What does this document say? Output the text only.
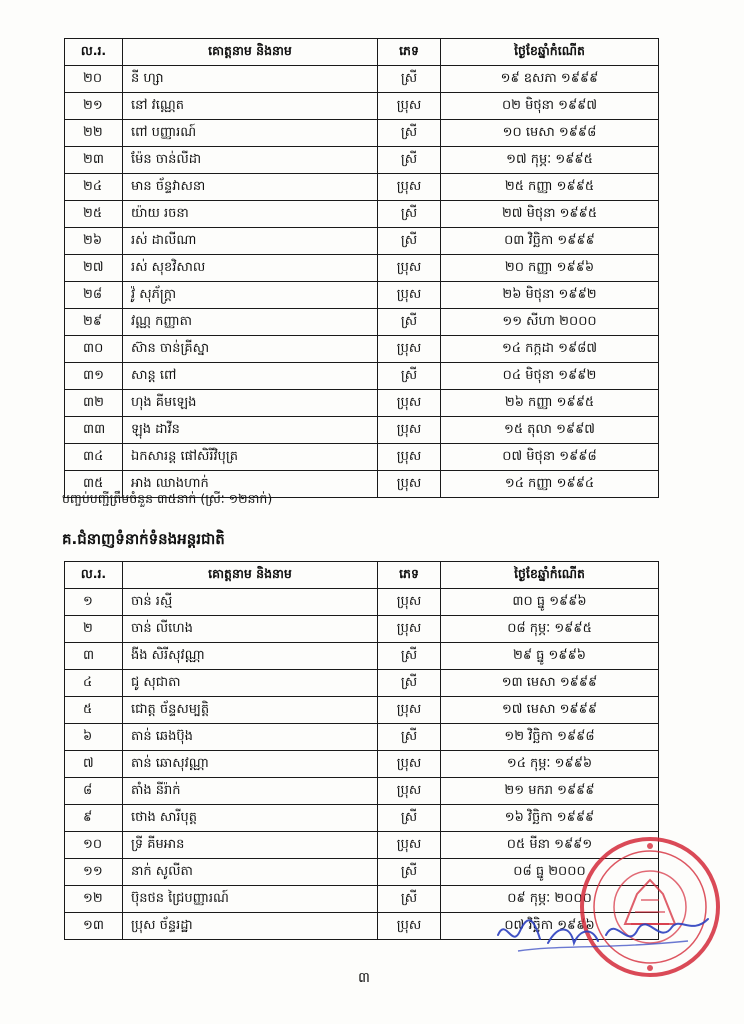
ល.រ.	គោត្តនាម និងនាម	ភេទ	ថ្ងៃខែឆ្នាំកំណើត
២០	នី ហ្សា	ស្រី	១៩ ឧសភា ១៩៩៩
២១	នៅ វណ្ណេត	ប្រុស	០២ មិថុនា ១៩៩៧
២២	ពៅ បញ្ញារណ៍	ស្រី	១០ មេសា ១៩៩៨
២៣	ម៉ែន ចាន់លីដា	ស្រី	១៧ កុម្ភៈ ១៩៩៥
២៤	មាន ច័ន្ទវាសនា	ប្រុស	២៥ កញ្ញា ១៩៩៥
២៥	យ៉ាយ រចនា	ស្រី	២៧ មិថុនា ១៩៩៥
២៦	រស់ ដាលីណា	ស្រី	០៣ វិច្ឆិកា ១៩៩៩
២៧	រស់ សុខវិសាល	ប្រុស	២០ កញ្ញា ១៩៩៦
២៨	វ៉ូ សុភ័ក្រ្តា	ប្រុស	២៦ មិថុនា ១៩៩២
២៩	វណ្ណ កញ្ញាតា	ស្រី	១១ សីហា ២០០០
៣០	ស៊ាន ចាន់គ្រីស្នា	ប្រុស	១៤ កក្កដា ១៩៨៧
៣១	សាន្ត ពៅ	ស្រី	០៤ មិថុនា ១៩៩២
៣២	ហុង គីមឡេង	ប្រុស	២៦ កញ្ញា ១៩៩៥
៣៣	ឡុង ដាវីន	ប្រុស	១៥ តុលា ១៩៩៧
៣៤	ឯកសារន្ត ផៅសិរីវិបុត្រ	ប្រុស	០៧ មិថុនា ១៩៩៨
៣៥	អាង ឈាងហាក់	ប្រុស	១៤ កញ្ញា ១៩៩៤
បញ្ចប់បញ្ជីត្រឹមចំនួន ៣៥នាក់ (ស្រីៈ ១២នាក់)
គ.ជំនាញទំនាក់ទំនងអន្តរជាតិ
ល.រ.	គោត្តនាម និងនាម	ភេទ	ថ្ងៃខែឆ្នាំកំណើត
១	ចាន់ រស្មី	ប្រុស	៣០ ធ្នូ ១៩៩៦
២	ចាន់ លីហេង	ប្រុស	០៨ កុម្ភៈ ១៩៩៥
៣	ងីង សិរីសុវណ្ណា	ស្រី	២៩ ធ្នូ ១៩៩៦
៤	ជូ សុជាតា	ស្រី	១៣ មេសា ១៩៩៩
៥	ជោត្ត ច័ន្ទសម្បត្តិ	ប្រុស	១៧ មេសា ១៩៩៩
៦	តាន់ ឆេងប៊ុង	ស្រី	១២ វិច្ឆិកា ១៩៩៨
៧	តាន់ ឆោសុវណ្ណា	ប្រុស	១៤ កុម្ភៈ ១៩៩៦
៨	តាំង នីរ៉ាក់	ប្រុស	២១ មករា ១៩៩៩
៩	ថោង សារីបុត្ត	ស្រី	១៦ វិច្ឆិកា ១៩៩៩
១០	ទ្រី គីមអាន	ប្រុស	០៥ មីនា ១៩៩១
១១	នាក់ សូលីតា	ស្រី	០៨ ធ្នូ ២០០០
១២	ប៊ុនថន ជ្រៃបញ្ញារណ៍	ស្រី	០៩ កុម្ភៈ ២០០០
១៣	ប្រុស ច័ន្ទរដ្ឋា	ប្រុស	០៧ វិច្ឆិកា ១៩៩៦
៣
